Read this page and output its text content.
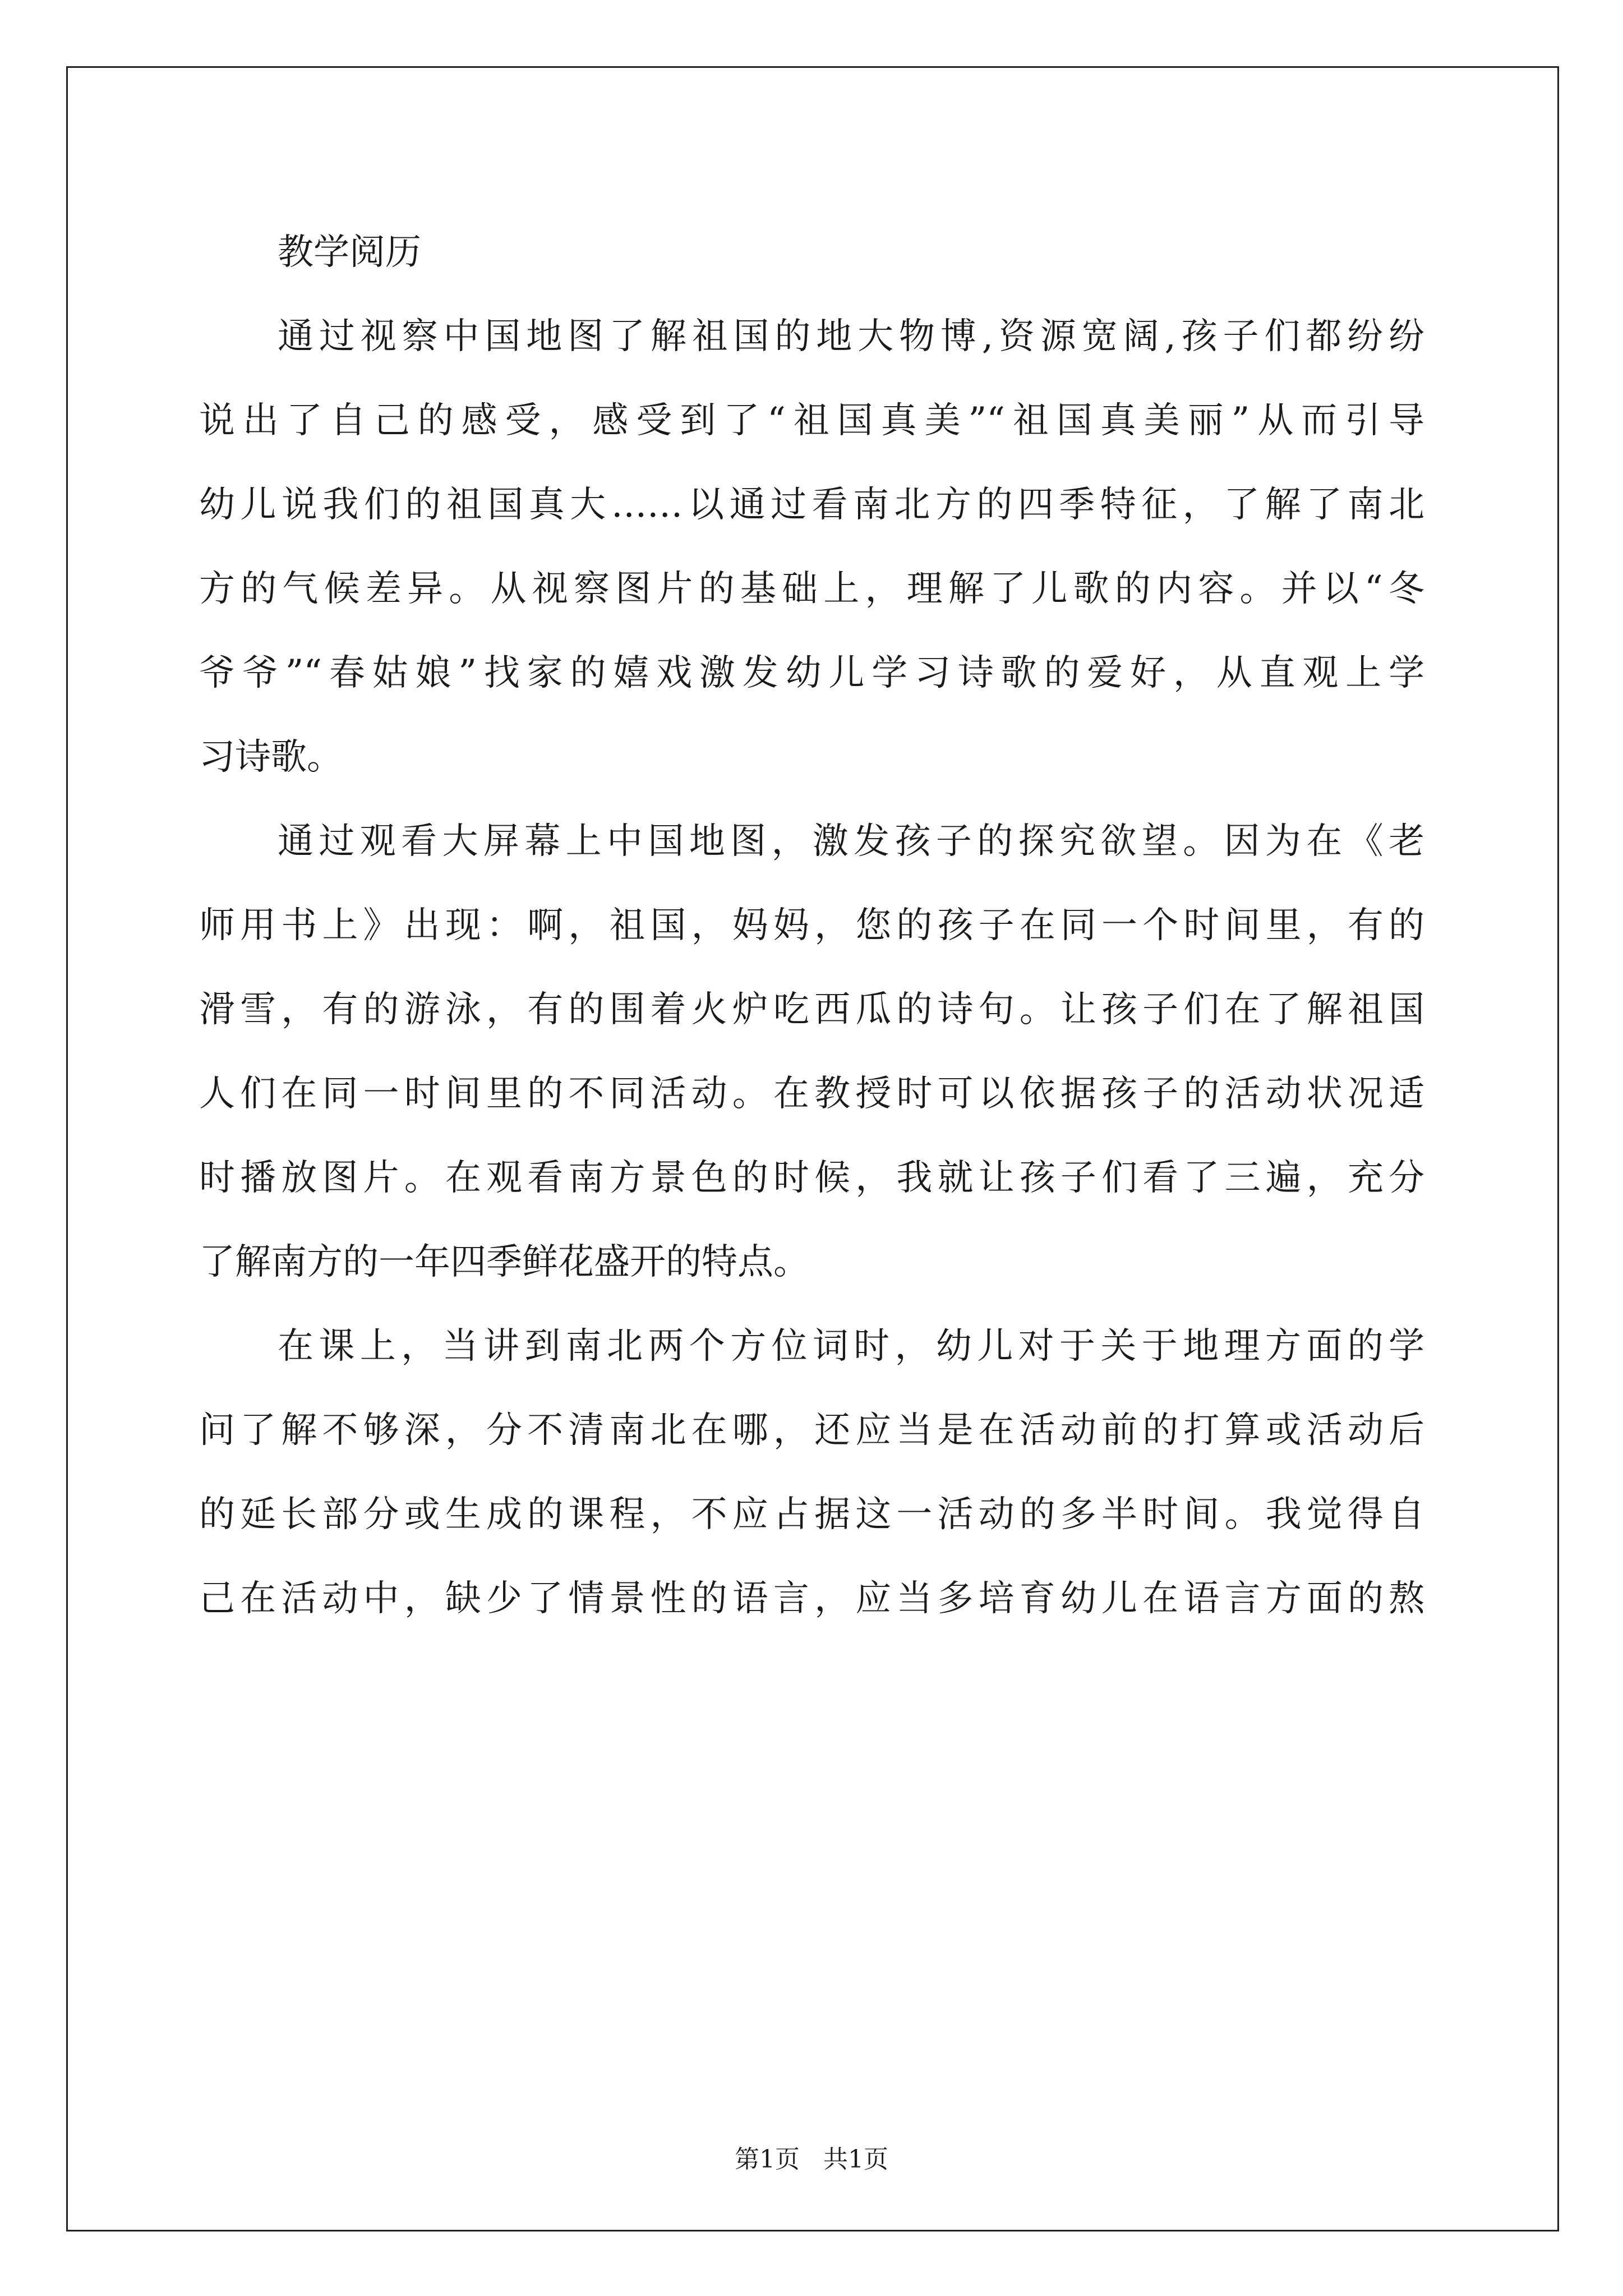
教学阅历
通过视察中国地图了解祖国的地大物博,资源宽阔,孩子们都纷纷
说出了自己的感受，感受到了“祖国真美”“祖国真美丽”从而引导
幼儿说我们的祖国真大……以通过看南北方的四季特征，了解了南北
方的气候差异。从视察图片的基础上，理解了儿歌的内容。并以“冬
爷爷”“春姑娘”找家的嬉戏激发幼儿学习诗歌的爱好，从直观上学
习诗歌。
通过观看大屏幕上中国地图，激发孩子的探究欲望。因为在《老
师用书上》出现：啊，祖国，妈妈，您的孩子在同一个时间里，有的
滑雪，有的游泳，有的围着火炉吃西瓜的诗句。让孩子们在了解祖国
人们在同一时间里的不同活动。在教授时可以依据孩子的活动状况适
时播放图片。在观看南方景色的时候，我就让孩子们看了三遍，充分
了解南方的一年四季鲜花盛开的特点。
在课上，当讲到南北两个方位词时，幼儿对于关于地理方面的学
问了解不够深，分不清南北在哪，还应当是在活动前的打算或活动后
的延长部分或生成的课程，不应占据这一活动的多半时间。我觉得自
己在活动中，缺少了情景性的语言，应当多培育幼儿在语言方面的熬
第1页   共1页
